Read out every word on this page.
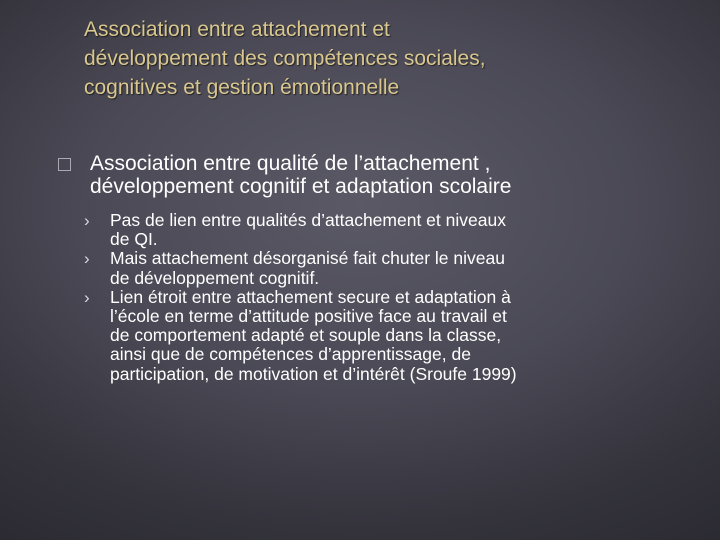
Association entre attachement et
développement des compétences sociales,
cognitives et gestion émotionnelle
Association entre qualité de l’attachement ,
développement cognitif et adaptation scolaire
› Pas de lien entre qualités d’attachement et niveaux
de QI.
› Mais attachement désorganisé fait chuter le niveau
de développement cognitif.
› Lien étroit entre attachement secure et adaptation à
l’école en terme d’attitude positive face au travail et
de comportement adapté et souple dans la classe,
ainsi que de compétences d’apprentissage, de
participation, de motivation et d’intérêt (Sroufe 1999)
